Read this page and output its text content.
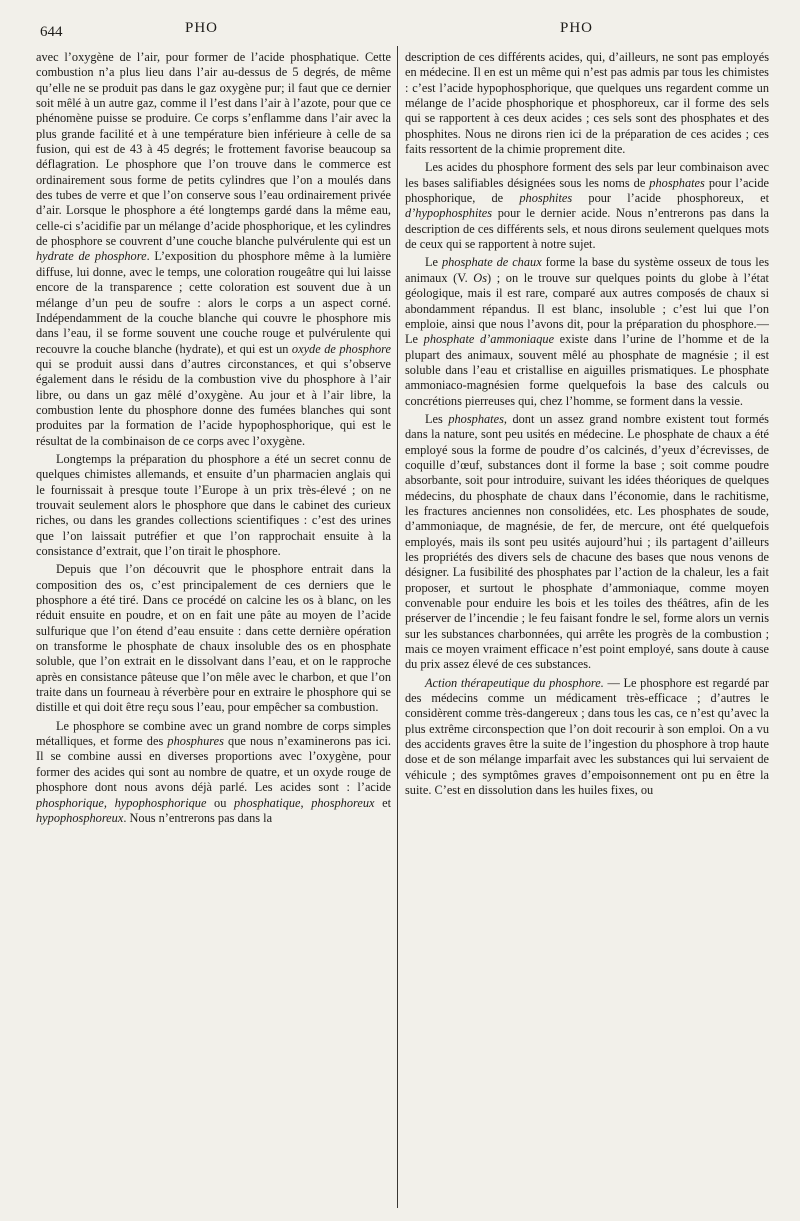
644	PHO	PHO

avec l’oxygène de l’air, pour former de l’acide phosphatique. Cette combustion n’a plus lieu dans l’air au-dessus de 5 degrés, de même qu’elle ne se produit pas dans le gaz oxygène pur; il faut que ce dernier soit mêlé à un autre gaz, comme il l’est dans l’air à l’azote, pour que ce phénomène puisse se produire. Ce corps s’enflamme dans l’air avec la plus grande facilité et à une température bien inférieure à celle de sa fusion, qui est de 43 à 45 degrés; le frottement favorise beaucoup sa déflagration. Le phosphore que l’on trouve dans le commerce est ordinairement sous forme de petits cylindres que l’on a moulés dans des tubes de verre et que l’on conserve sous l’eau ordinairement privée d’air. Lorsque le phosphore a été longtemps gardé dans la même eau, celle-ci s’acidifie par un mélange d’acide phosphorique, et les cylindres de phosphore se couvrent d’une couche blanche pulvérulente qui est un hydrate de phosphore. L’exposition du phosphore même à la lumière diffuse, lui donne, avec le temps, une coloration rougeâtre qui lui laisse encore de la transparence ; cette coloration est souvent due à un mélange d’un peu de soufre : alors le corps a un aspect corné. Indépendamment de la couche blanche qui couvre le phosphore mis dans l’eau, il se forme souvent une couche rouge et pulvérulente qui recouvre la couche blanche (hydrate), et qui est un oxyde de phosphore qui se produit aussi dans d’autres circonstances, et qui s’observe également dans le résidu de la combustion vive du phosphore à l’air libre, ou dans un gaz mêlé d’oxygène. Au jour et à l’air libre, la combustion lente du phosphore donne des fumées blanches qui sont produites par la formation de l’acide hypophosphorique, qui est le résultat de la combinaison de ce corps avec l’oxygène.

Longtemps la préparation du phosphore a été un secret connu de quelques chimistes allemands, et ensuite d’un pharmacien anglais qui le fournissait à presque toute l’Europe à un prix très-élevé ; on ne trouvait seulement alors le phosphore que dans le cabinet des curieux riches, ou dans les grandes collections scientifiques : c’est des urines que l’on laissait putréfier et que l’on rapprochait ensuite à la consistance d’extrait, que l’on tirait le phosphore.

Depuis que l’on découvrit que le phosphore entrait dans la composition des os, c’est principalement de ces derniers que le phosphore a été tiré. Dans ce procédé on calcine les os à blanc, on les réduit ensuite en poudre, et on en fait une pâte au moyen de l’acide sulfurique que l’on étend d’eau ensuite : dans cette dernière opération on transforme le phosphate de chaux insoluble des os en phosphate soluble, que l’on extrait en le dissolvant dans l’eau, et on le rapproche après en consistance pâteuse que l’on mêle avec le charbon, et que l’on traite dans un fourneau à réverbère pour en extraire le phosphore qui se distille et qui doit être reçu sous l’eau, pour empêcher sa combustion.

Le phosphore se combine avec un grand nombre de corps simples métalliques, et forme des phosphures que nous n’examinerons pas ici. Il se combine aussi en diverses proportions avec l’oxygène, pour former des acides qui sont au nombre de quatre, et un oxyde rouge de phosphore dont nous avons déjà parlé. Les acides sont : l’acide phosphorique, hypophosphorique ou phosphatique, phosphoreux et hypophosphoreux. Nous n’entrerons pas dans la

description de ces différents acides, qui, d’ailleurs, ne sont pas employés en médecine. Il en est un même qui n’est pas admis par tous les chimistes : c’est l’acide hypophosphorique, que quelques uns regardent comme un mélange de l’acide phosphorique et phosphoreux, car il forme des sels qui se rapportent à ces deux acides ; ces sels sont des phosphates et des phosphites. Nous ne dirons rien ici de la préparation de ces acides ; ces faits ressortent de la chimie proprement dite.

Les acides du phosphore forment des sels par leur combinaison avec les bases salifiables désignées sous les noms de phosphates pour l’acide phosphorique, de phosphites pour l’acide phosphoreux, et d’hypophosphites pour le dernier acide. Nous n’entrerons pas dans la description de ces différents sels, et nous dirons seulement quelques mots de ceux qui se rapportent à notre sujet.

Le phosphate de chaux forme la base du système osseux de tous les animaux (V. Os) ; on le trouve sur quelques points du globe à l’état géologique, mais il est rare, comparé aux autres composés de chaux si abondamment répandus. Il est blanc, insoluble ; c’est lui que l’on emploie, ainsi que nous l’avons dit, pour la préparation du phosphore.—Le phosphate d’ammoniaque existe dans l’urine de l’homme et de la plupart des animaux, souvent mêlé au phosphate de magnésie ; il est soluble dans l’eau et cristallise en aiguilles prismatiques. Le phosphate ammoniaco-magnésien forme quelquefois la base des calculs ou concrétions pierreuses qui, chez l’homme, se forment dans la vessie.

Les phosphates, dont un assez grand nombre existent tout formés dans la nature, sont peu usités en médecine. Le phosphate de chaux a été employé sous la forme de poudre d’os calcinés, d’yeux d’écrevisses, de coquille d’œuf, substances dont il forme la base ; soit comme poudre absorbante, soit pour introduire, suivant les idées théoriques de quelques médecins, du phosphate de chaux dans l’économie, dans le rachitisme, les fractures anciennes non consolidées, etc. Les phosphates de soude, d’ammoniaque, de magnésie, de fer, de mercure, ont été quelquefois employés, mais ils sont peu usités aujourd’hui ; ils partagent d’ailleurs les propriétés des divers sels de chacune des bases que nous venons de désigner. La fusibilité des phosphates par l’action de la chaleur, les a fait proposer, et surtout le phosphate d’ammoniaque, comme moyen convenable pour enduire les bois et les toiles des théâtres, afin de les préserver de l’incendie ; le feu faisant fondre le sel, forme alors un vernis sur les substances charbonnées, qui arrête les progrès de la combustion ; mais ce moyen vraiment efficace n’est point employé, sans doute à cause du prix assez élevé de ces substances.

Action thérapeutique du phosphore. — Le phosphore est regardé par des médecins comme un médicament très-efficace ; d’autres le considèrent comme très-dangereux ; dans tous les cas, ce n’est qu’avec la plus extrême circonspection que l’on doit recourir à son emploi. On a vu des accidents graves être la suite de l’ingestion du phosphore à trop haute dose et de son mélange imparfait avec les substances qui lui servaient de véhicule ; des symptômes graves d’empoisonnement ont pu en être la suite. C’est en dissolution dans les huiles fixes, ou
